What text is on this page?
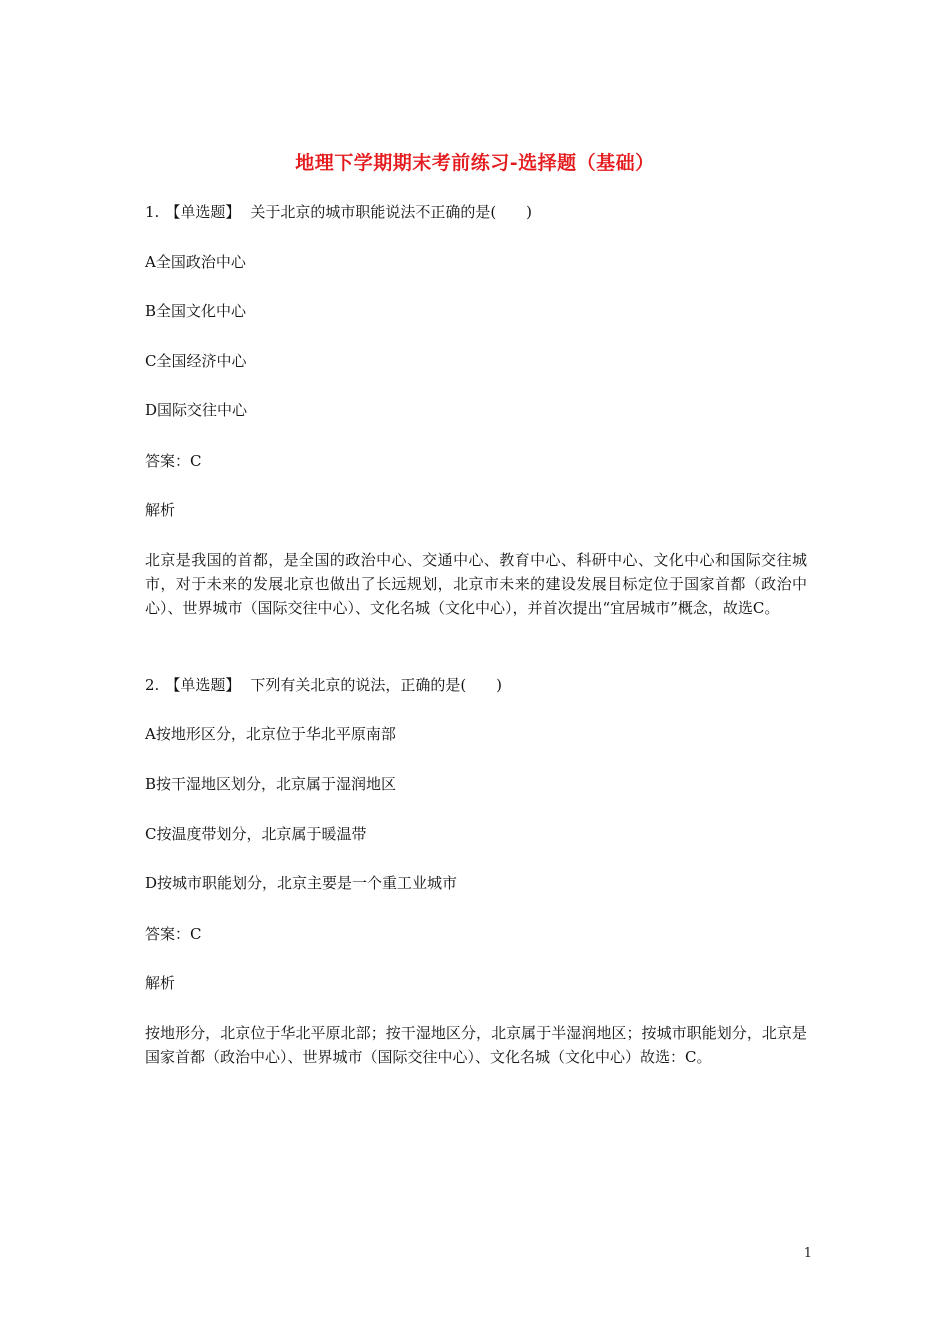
地理下学期期末考前练习-选择题（基础）
1. 【单选题】 关于北京的城市职能说法不正确的是(　　)
A全国政治中心
B全国文化中心
C全国经济中心
D国际交往中心
答案：C
解析
北京是我国的首都，是全国的政治中心、交通中心、教育中心、科研中心、文化中心和国际交往城市，对于未来的发展北京也做出了长远规划，北京市未来的建设发展目标定位于国家首都（政治中心）、世界城市（国际交往中心）、文化名城（文化中心），并首次提出“宜居城市”概念，故选C。
2. 【单选题】 下列有关北京的说法，正确的是(　　)
A按地形区分，北京位于华北平原南部
B按干湿地区划分，北京属于湿润地区
C按温度带划分，北京属于暖温带
D按城市职能划分，北京主要是一个重工业城市
答案：C
解析
按地形分，北京位于华北平原北部；按干湿地区分，北京属于半湿润地区；按城市职能划分，北京是国家首都（政治中心）、世界城市（国际交往中心）、文化名城（文化中心）故选：C。
1
